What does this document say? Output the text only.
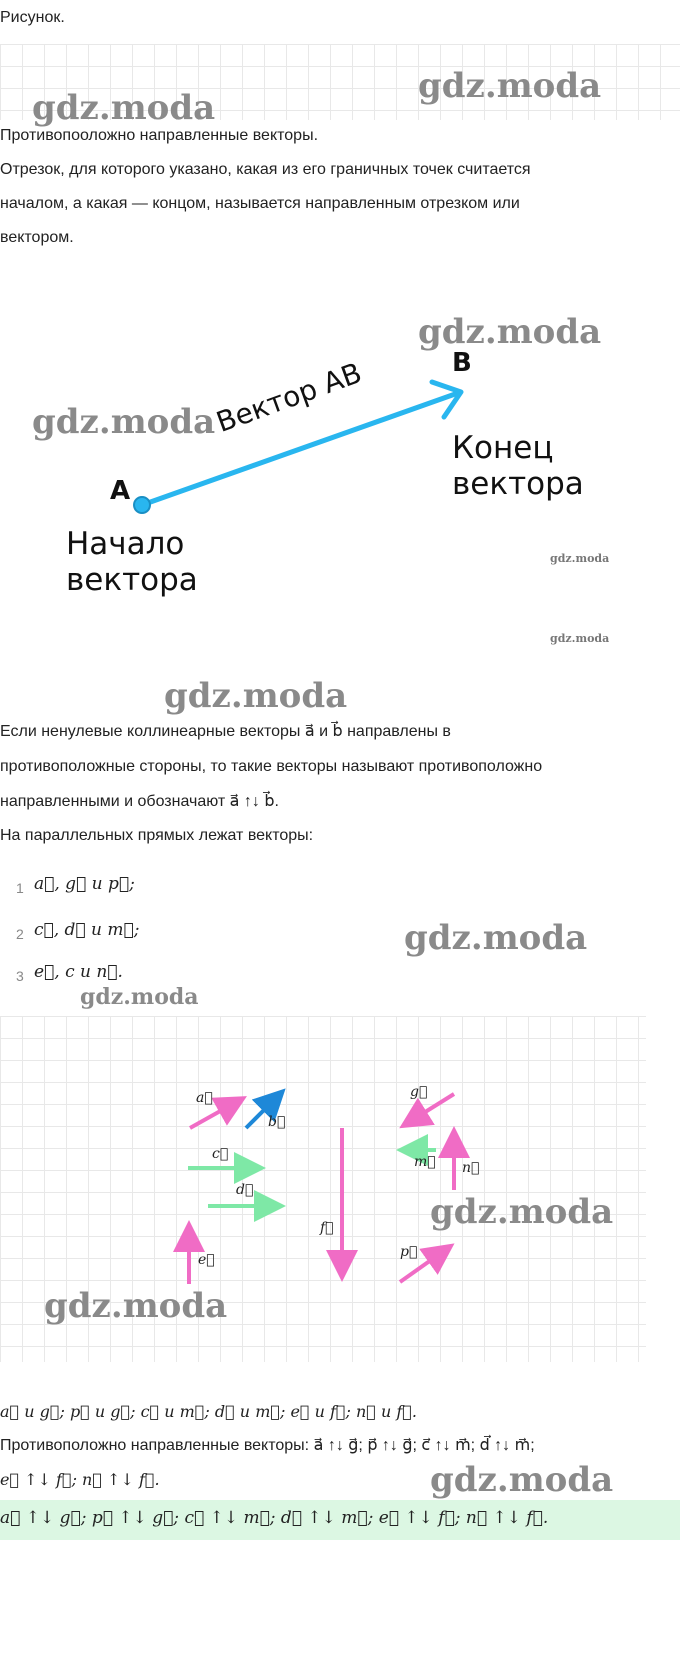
Рисунок.
gdz.moda
gdz.moda
Противопооложно направленные векторы.
Отрезок, для которого указано, какая из его граничных точек считается
началом, а какая — концом, называется направленным отрезком или
вектором.
gdz.moda
gdz.moda
B
A
Вектор AB
Конец
вектора
Начало
вектора
gdz.moda
gdz.moda
gdz.moda
Если ненулевые коллинеарные векторы a⃗ и b⃗ направлены в
противоположные стороны, то такие векторы называют противоположно
направленными и обозначают a⃗ ↑↓ b⃗.
На параллельных прямых лежат векторы:
1 a⃗, g⃗ и p⃗;
2 c⃗, d⃗ и m⃗;
3 e⃗, с и n⃗.
gdz.moda
gdz.moda
a⃗
b⃗
c⃗
d⃗
e⃗
f⃗
g⃗
m⃗ n⃗
p⃗
gdz.moda
gdz.moda
a⃗ и g⃗; p⃗ и g⃗; c⃗ и m⃗; d⃗ и m⃗; e⃗ и f⃗; n⃗ и f⃗.
Противоположно направленные векторы: a⃗ ↑↓ g⃗; p⃗ ↑↓ g⃗; c⃗ ↑↓ m⃗; d⃗ ↑↓ m⃗;
e⃗ ↑↓ f⃗; n⃗ ↑↓ f⃗.	gdz.moda
a⃗ ↑↓ g⃗; p⃗ ↑↓ g⃗; c⃗ ↑↓ m⃗; d⃗ ↑↓ m⃗; e⃗ ↑↓ f⃗; n⃗ ↑↓ f⃗.
